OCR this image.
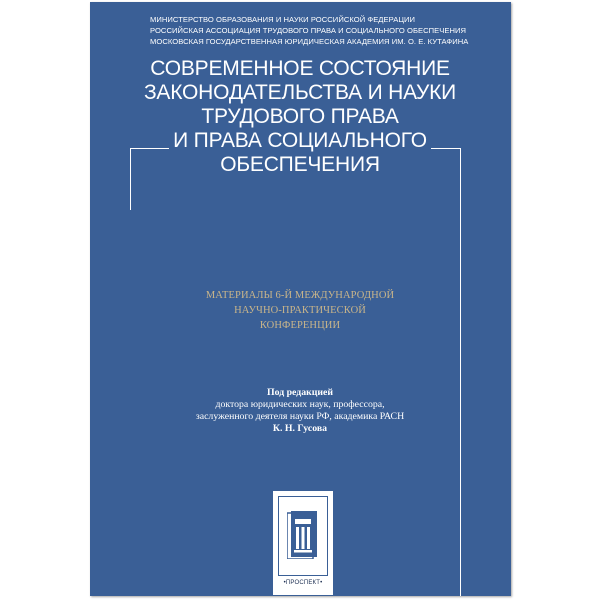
МИНИСТЕРСТВО ОБРАЗОВАНИЯ И НАУКИ РОССИЙСКОЙ ФЕДЕРАЦИИ
РОССИЙСКАЯ АССОЦИАЦИЯ ТРУДОВОГО ПРАВА И СОЦИАЛЬНОГО ОБЕСПЕЧЕНИЯ
МОСКОВСКАЯ ГОСУДАРСТВЕННАЯ ЮРИДИЧЕСКАЯ АКАДЕМИЯ ИМ. О. Е. КУТАФИНА
СОВРЕМЕННОЕ СОСТОЯНИЕ
ЗАКОНОДАТЕЛЬСТВА И НАУКИ
ТРУДОВОГО ПРАВА
И ПРАВА СОЦИАЛЬНОГО
ОБЕСПЕЧЕНИЯ
МАТЕРИАЛЫ 6-Й МЕЖДУНАРОДНОЙ
НАУЧНО-ПРАКТИЧЕСКОЙ
КОНФЕРЕНЦИИ
Под редакцией
доктора юридических наук, профессора,
заслуженного деятеля науки РФ, академика РАСН
К. Н. Гусова
•ПРОСПЕКТ•
